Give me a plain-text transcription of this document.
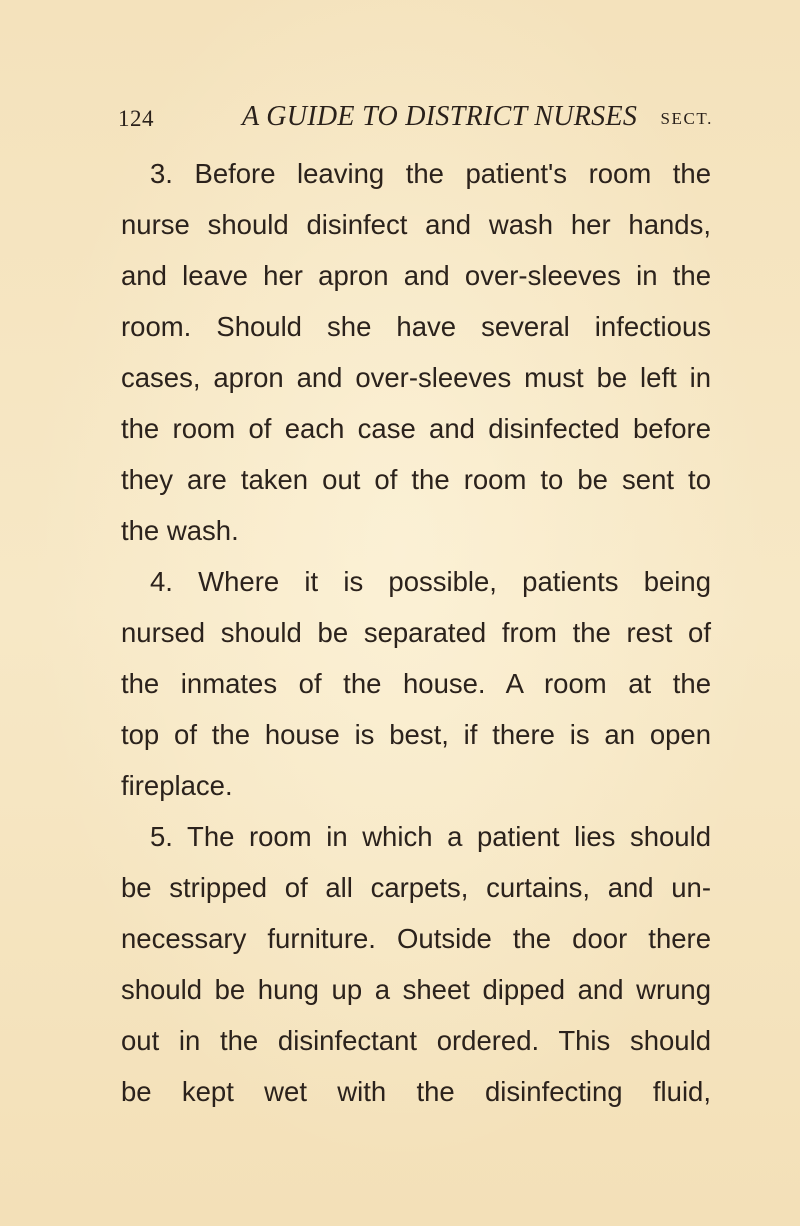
124	A GUIDE TO DISTRICT NURSES SECT.
3. Before leaving the patient's room the
nurse should disinfect and wash her hands,
and leave her apron and over-sleeves in the
room. Should she have several infectious
cases, apron and over-sleeves must be left in
the room of each case and disinfected before
they are taken out of the room to be sent to
the wash.
4. Where it is possible, patients being
nursed should be separated from the rest of
the inmates of the house. A room at the
top of the house is best, if there is an open
fireplace.
5. The room in which a patient lies should
be stripped of all carpets, curtains, and un-
necessary furniture. Outside the door there
should be hung up a sheet dipped and wrung
out in the disinfectant ordered. This should
be kept wet with the disinfecting fluid,
